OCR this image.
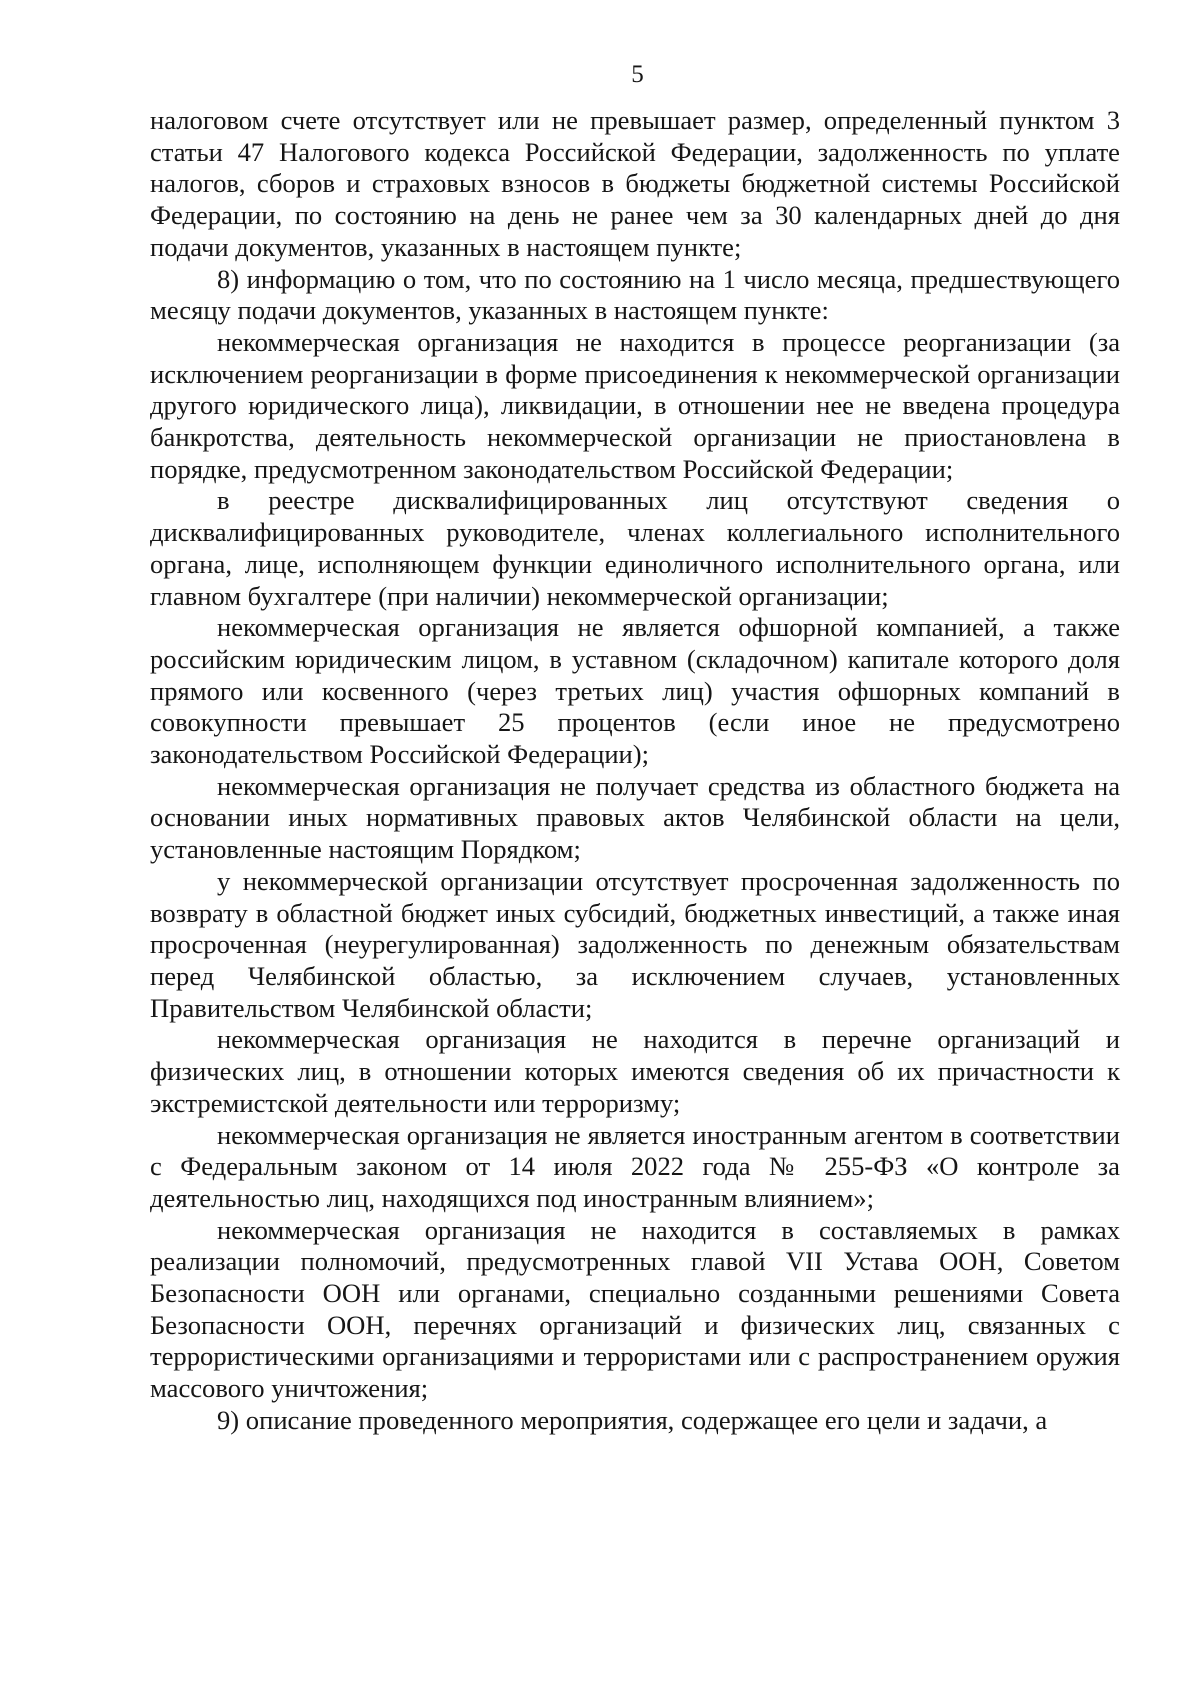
5

налоговом счете отсутствует или не превышает размер, определенный пунктом 3 статьи 47 Налогового кодекса Российской Федерации, задолженность по уплате налогов, сборов и страховых взносов в бюджеты бюджетной системы Российской Федерации, по состоянию на день не ранее чем за 30 календарных дней до дня подачи документов, указанных в настоящем пункте;

8) информацию о том, что по состоянию на 1 число месяца, предшествующего месяцу подачи документов, указанных в настоящем пункте:

некоммерческая организация не находится в процессе реорганизации (за исключением реорганизации в форме присоединения к некоммерческой организации другого юридического лица), ликвидации, в отношении нее не введена процедура банкротства, деятельность некоммерческой организации не приостановлена в порядке, предусмотренном законодательством Российской Федерации;

в реестре дисквалифицированных лиц отсутствуют сведения о дисквалифицированных руководителе, членах коллегиального исполнительного органа, лице, исполняющем функции единоличного исполнительного органа, или главном бухгалтере (при наличии) некоммерческой организации;

некоммерческая организация не является офшорной компанией, а также российским юридическим лицом, в уставном (складочном) капитале которого доля прямого или косвенного (через третьих лиц) участия офшорных компаний в совокупности превышает 25 процентов (если иное не предусмотрено законодательством Российской Федерации);

некоммерческая организация не получает средства из областного бюджета на основании иных нормативных правовых актов Челябинской области на цели, установленные настоящим Порядком;

у некоммерческой организации отсутствует просроченная задолженность по возврату в областной бюджет иных субсидий, бюджетных инвестиций, а также иная просроченная (неурегулированная) задолженность по денежным обязательствам перед Челябинской областью, за исключением случаев, установленных Правительством Челябинской области;

некоммерческая организация не находится в перечне организаций и физических лиц, в отношении которых имеются сведения об их причастности к экстремистской деятельности или терроризму;

некоммерческая организация не является иностранным агентом в соответствии с Федеральным законом от 14 июля 2022 года № 255-ФЗ «О контроле за деятельностью лиц, находящихся под иностранным влиянием»;

некоммерческая организация не находится в составляемых в рамках реализации полномочий, предусмотренных главой VII Устава ООН, Советом Безопасности ООН или органами, специально созданными решениями Совета Безопасности ООН, перечнях организаций и физических лиц, связанных с террористическими организациями и террористами или с распространением оружия массового уничтожения;

9) описание проведенного мероприятия, содержащее его цели и задачи, а
